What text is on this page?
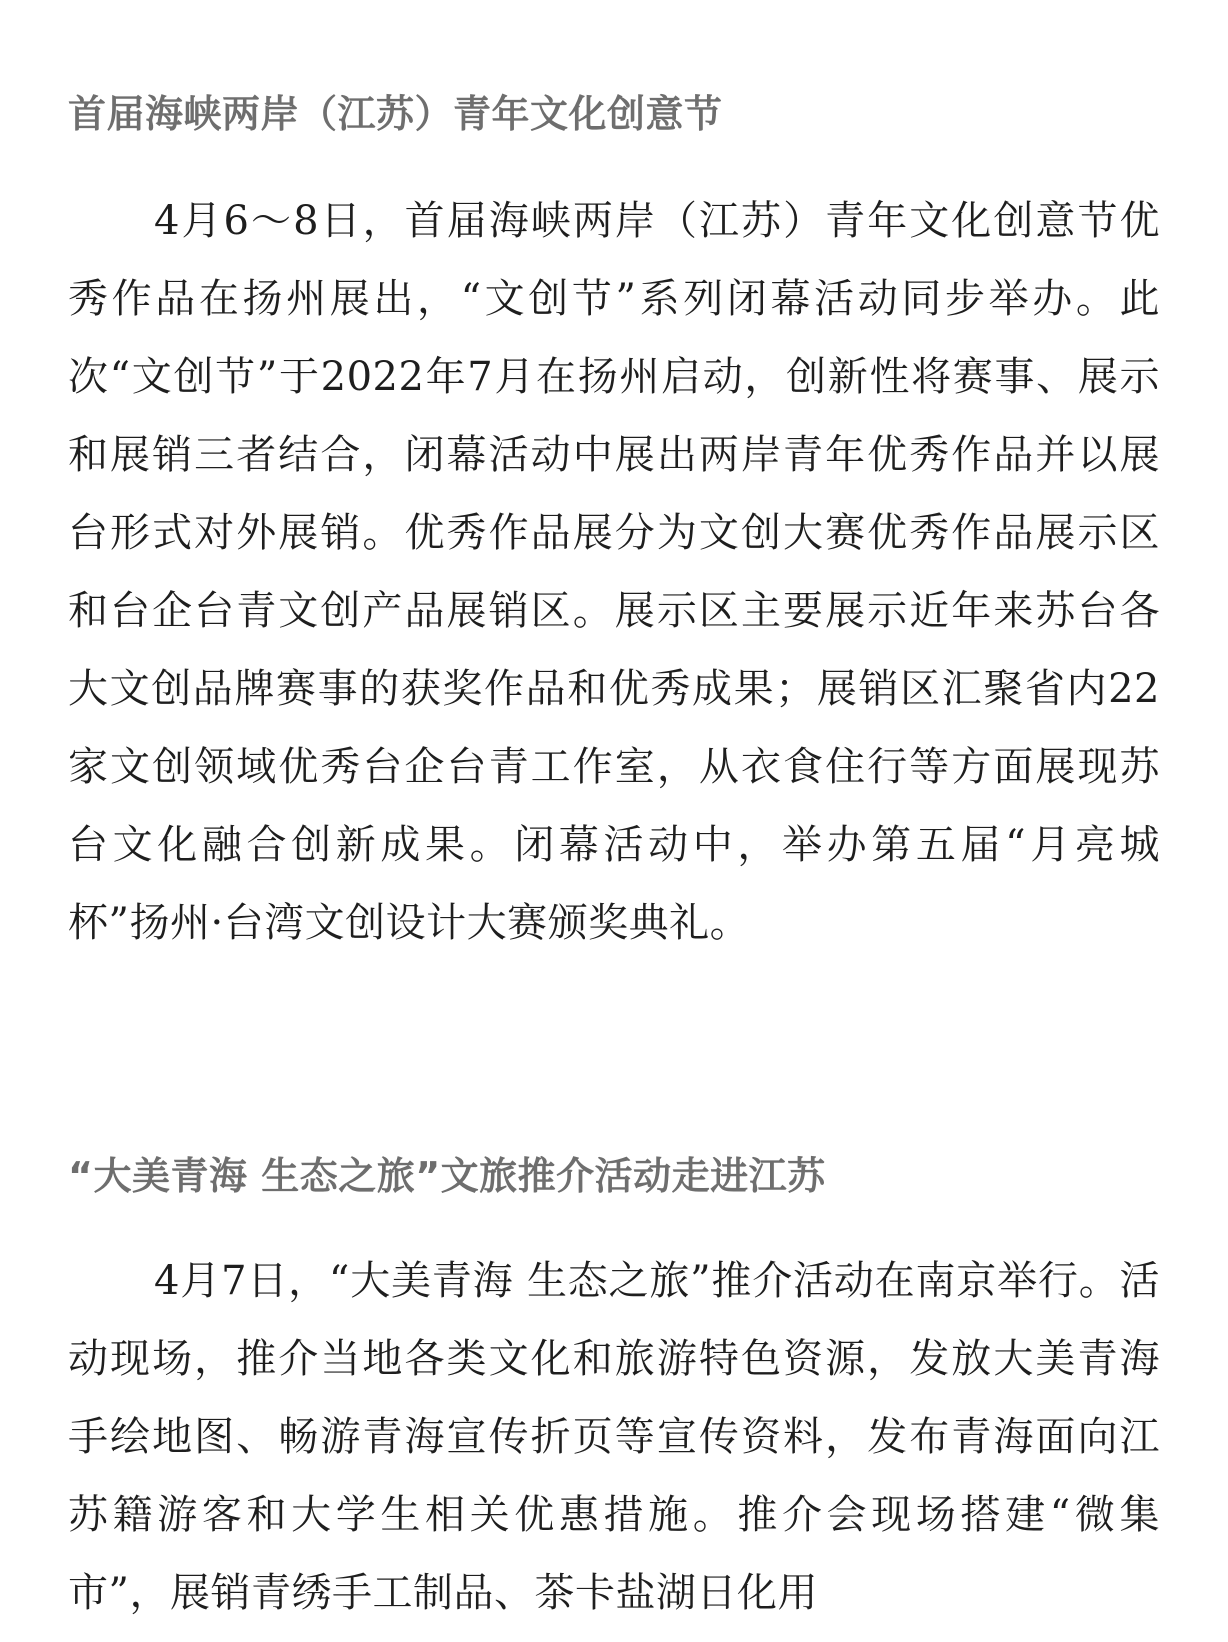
首届海峡两岸（江苏）青年文化创意节

4月6～8日，首届海峡两岸（江苏）青年文化创意节优秀作品在扬州展出，“文创节”系列闭幕活动同步举办。此次“文创节”于2022年7月在扬州启动，创新性将赛事、展示和展销三者结合，闭幕活动中展出两岸青年优秀作品并以展台形式对外展销。优秀作品展分为文创大赛优秀作品展示区和台企台青文创产品展销区。展示区主要展示近年来苏台各大文创品牌赛事的获奖作品和优秀成果；展销区汇聚省内22家文创领域优秀台企台青工作室，从衣食住行等方面展现苏台文化融合创新成果。闭幕活动中，举办第五届“月亮城杯”扬州·台湾文创设计大赛颁奖典礼。

“大美青海 生态之旅”文旅推介活动走进江苏

4月7日，“大美青海 生态之旅”推介活动在南京举行。活动现场，推介当地各类文化和旅游特色资源，发放大美青海手绘地图、畅游青海宣传折页等宣传资料，发布青海面向江苏籍游客和大学生相关优惠措施。推介会现场搭建“微集市”，展销青绣手工制品、茶卡盐湖日化用
